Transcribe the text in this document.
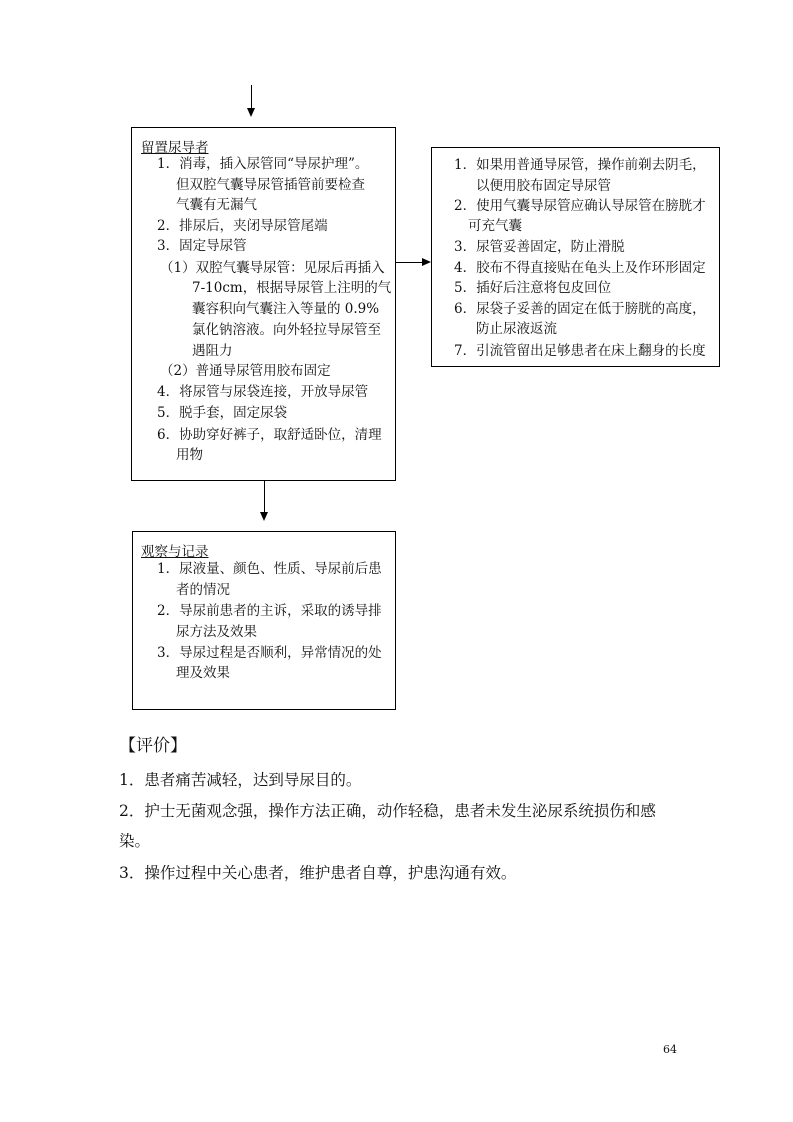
留置尿导者
1．消毒，插入尿管同“导尿护理”。
但双腔气囊导尿管插管前要检查
气囊有无漏气
2．排尿后，夹闭导尿管尾端
3．固定导尿管
（1）双腔气囊导尿管：见尿后再插入
7-10cm，根据导尿管上注明的气
囊容积向气囊注入等量的 0.9%
氯化钠溶液。向外轻拉导尿管至
遇阻力
（2）普通导尿管用胶布固定
4．将尿管与尿袋连接，开放导尿管
5．脱手套，固定尿袋
6．协助穿好裤子，取舒适卧位，清理
用物
1．如果用普通导尿管，操作前剃去阴毛，
以便用胶布固定导尿管
2．使用气囊导尿管应确认导尿管在膀胱才
可充气囊
3．尿管妥善固定，防止滑脱
4．胶布不得直接贴在龟头上及作环形固定
5．插好后注意将包皮回位
6．尿袋子妥善的固定在低于膀胱的高度，
防止尿液返流
7．引流管留出足够患者在床上翻身的长度
观察与记录
1．尿液量、颜色、性质、导尿前后患
者的情况
2．导尿前患者的主诉，采取的诱导排
尿方法及效果
3．导尿过程是否顺利，异常情况的处
理及效果
【评价】
1．患者痛苦减轻，达到导尿目的。
2．护士无菌观念强，操作方法正确，动作轻稳，患者未发生泌尿系统损伤和感
染。
3．操作过程中关心患者，维护患者自尊，护患沟通有效。
64
